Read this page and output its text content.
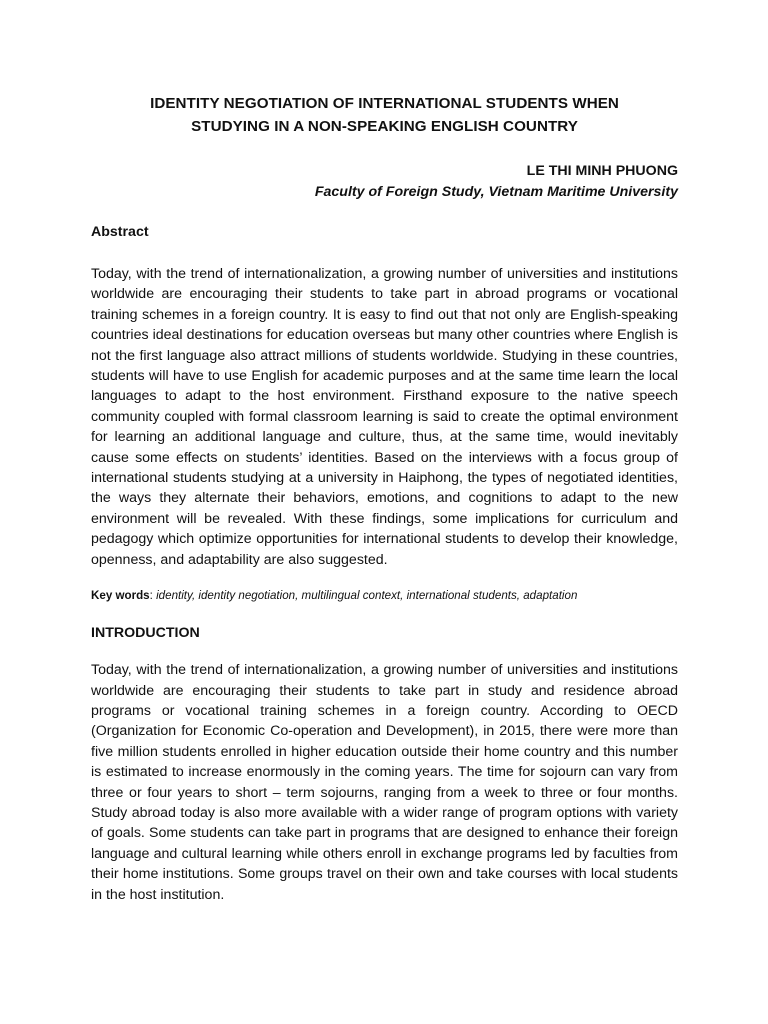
IDENTITY NEGOTIATION OF INTERNATIONAL STUDENTS WHEN
STUDYING IN A NON-SPEAKING ENGLISH COUNTRY
LE THI MINH PHUONG
Faculty of Foreign Study, Vietnam Maritime University
Abstract

Today, with the trend of internationalization, a growing number of universities and institutions worldwide are encouraging their students to take part in abroad programs or vocational training schemes in a foreign country. It is easy to find out that not only are English-speaking countries ideal destinations for education overseas but many other countries where English is not the first language also attract millions of students worldwide. Studying in these countries, students will have to use English for academic purposes and at the same time learn the local languages to adapt to the host environment. Firsthand exposure to the native speech community coupled with formal classroom learning is said to create the optimal environment for learning an additional language and culture, thus, at the same time, would inevitably cause some effects on students’ identities. Based on the interviews with a focus group of international students studying at a university in Haiphong, the types of negotiated identities, the ways they alternate their behaviors, emotions, and cognitions to adapt to the new environment will be revealed. With these findings, some implications for curriculum and pedagogy which optimize opportunities for international students to develop their knowledge, openness, and adaptability are also suggested.

Key words: identity, identity negotiation, multilingual context, international students, adaptation

INTRODUCTION

Today, with the trend of internationalization, a growing number of universities and institutions worldwide are encouraging their students to take part in study and residence abroad programs or vocational training schemes in a foreign country. According to OECD (Organization for Economic Co-operation and Development), in 2015, there were more than five million students enrolled in higher education outside their home country and this number is estimated to increase enormously in the coming years. The time for sojourn can vary from three or four years to short – term sojourns, ranging from a week to three or four months. Study abroad today is also more available with a wider range of program options with variety of goals. Some students can take part in programs that are designed to enhance their foreign language and cultural learning while others enroll in exchange programs led by faculties from their home institutions. Some groups travel on their own and take courses with local students in the host institution.
